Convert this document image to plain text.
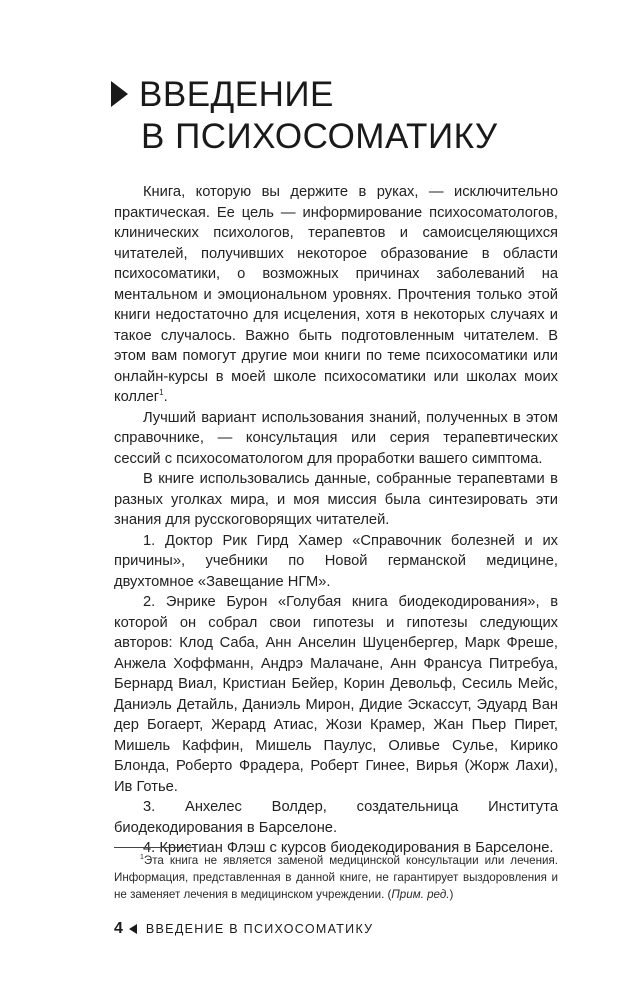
ВВЕДЕНИЕ
В ПСИХОСОМАТИКУ

Книга, которую вы держите в руках, — исключительно практическая. Ее цель — информирование психосоматологов, клинических психологов, терапевтов и самоисцеляющихся читателей, получивших некоторое образование в области психосоматики, о возможных причинах заболеваний на ментальном и эмоциональном уровнях. Прочтения только этой книги недостаточно для исцеления, хотя в некоторых случаях и такое случалось. Важно быть подготовленным читателем. В этом вам помогут другие мои книги по теме психосоматики или онлайн-курсы в моей школе психосоматики или школах моих коллег$^1$.

Лучший вариант использования знаний, полученных в этом справочнике, — консультация или серия терапевтических сессий с психосоматологом для проработки вашего симптома.

В книге использовались данные, собранные терапевтами в разных уголках мира, и моя миссия была синтезировать эти знания для русскоговорящих читателей.

1. Доктор Рик Гирд Хамер «Справочник болезней и их причины», учебники по Новой германской медицине, двухтомное «Завещание НГМ».

2. Энрике Бурон «Голубая книга биодекодирования», в которой он собрал свои гипотезы и гипотезы следующих авторов: Клод Саба, Анн Анселин Шуценбергер, Марк Фреше, Анжела Хоффманн, Андрэ Малачане, Анн Франсуа Питребуа, Бернард Виал, Кристиан Бейер, Корин Девольф, Сесиль Мейс, Даниэль Детайль, Даниэль Мирон, Дидие Эскассут, Эдуард Ван дер Богаерт, Жерард Атиас, Жози Крамер, Жан Пьер Пирет, Мишель Каффин, Мишель Паулус, Оливье Сульe, Кирико Блонда, Роберто Фрадера, Роберт Гинее, Вирья (Жорж Лахи), Ив Готье.

3. Анхелес Волдер, создательница Института биодекодирования в Барселоне.

4. Кристиан Флэш с курсов биодекодирования в Барселоне.

$^1$Эта книга не является заменой медицинской консультации или лечения. Информация, представленная в данной книге, не гарантирует выздоровления и не заменяет лечения в медицинском учреждении. (Прим. ред.)

4 ВВЕДЕНИЕ В ПСИХОСОМАТИКУ
